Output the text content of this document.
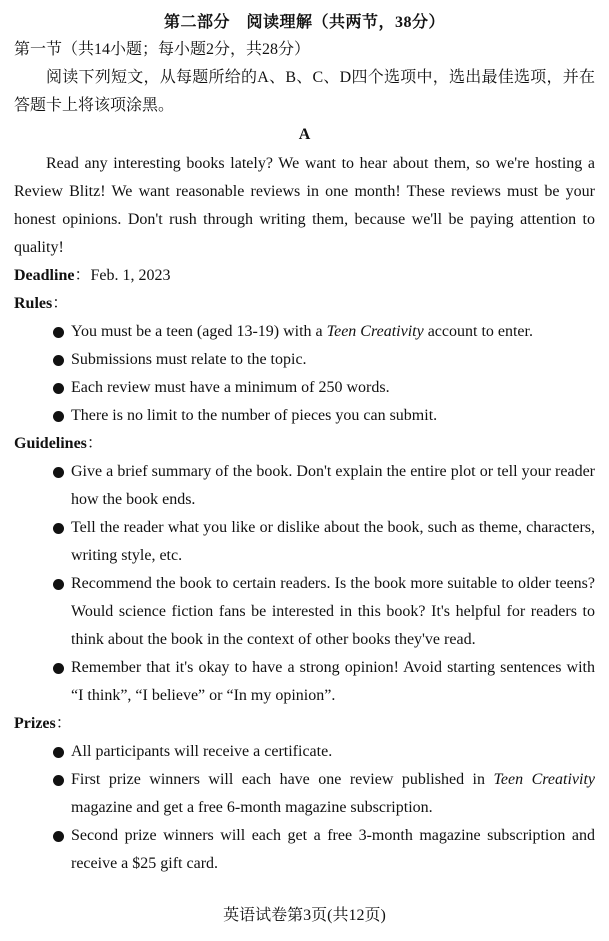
第二部分　阅读理解（共两节，38分）
第一节（共14小题；每小题2分，共28分）
阅读下列短文，从每题所给的A、B、C、D四个选项中，选出最佳选项，并在答题卡上将该项涂黑。
A
Read any interesting books lately? We want to hear about them, so we're hosting a Review Blitz! We want reasonable reviews in one month! These reviews must be your honest opinions. Don't rush through writing them, because we'll be paying attention to quality!
Deadline：Feb. 1, 2023
Rules：
You must be a teen (aged 13-19) with a Teen Creativity account to enter.
Submissions must relate to the topic.
Each review must have a minimum of 250 words.
There is no limit to the number of pieces you can submit.
Guidelines：
Give a brief summary of the book. Don't explain the entire plot or tell your reader how the book ends.
Tell the reader what you like or dislike about the book, such as theme, characters, writing style, etc.
Recommend the book to certain readers. Is the book more suitable to older teens? Would science fiction fans be interested in this book? It's helpful for readers to think about the book in the context of other books they've read.
Remember that it's okay to have a strong opinion! Avoid starting sentences with “I think”, “I believe” or “In my opinion”.
Prizes：
All participants will receive a certificate.
First prize winners will each have one review published in Teen Creativity magazine and get a free 6-month magazine subscription.
Second prize winners will each get a free 3-month magazine subscription and receive a $25 gift card.
英语试卷第3页(共12页)
